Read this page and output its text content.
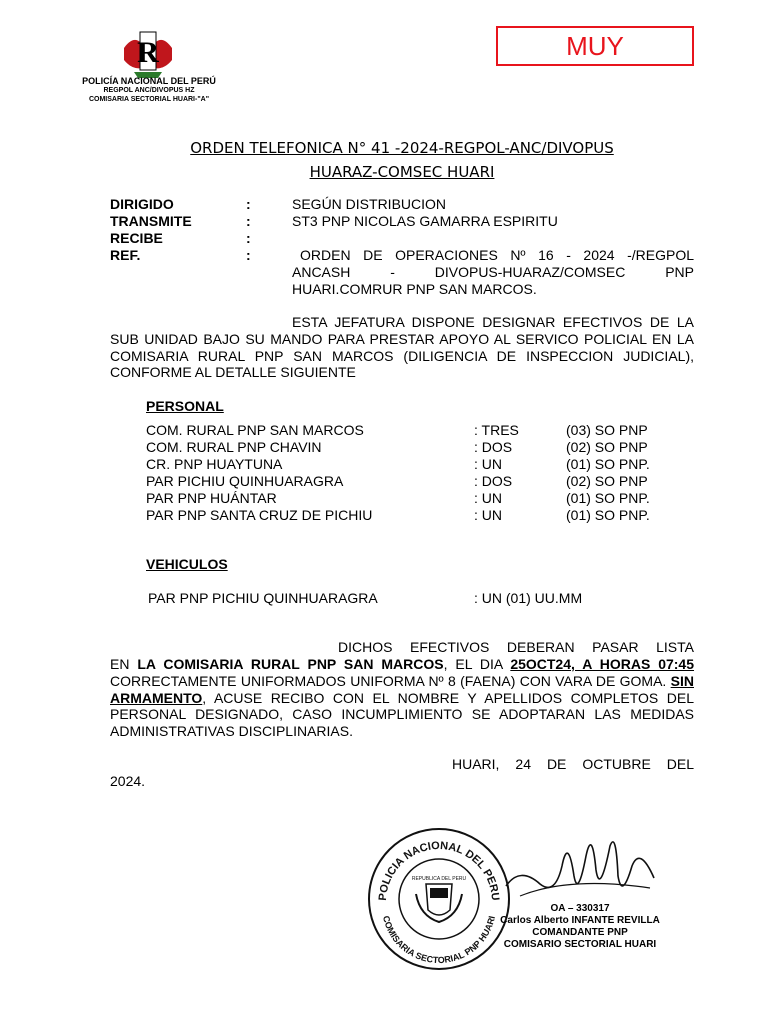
R
POLICÍA NACIONAL DEL PERÚ
REGPOL ANC/DIVOPUS HZ
COMISARIA SECTORIAL HUARI-"A"
MUY
ORDEN TELEFONICA N° 41 -2024-REGPOL-ANC/DIVOPUS
HUARAZ-COMSEC HUARI
DIRIGIDO	:	SEGÚN DISTRIBUCION
TRANSMITE	:	ST3 PNP NICOLAS GAMARRA ESPIRITU
RECIBE	:
REF.	:	ORDEN DE OPERACIONES Nº 16 - 2024 -/REGPOL
ANCASH - DIVOPUS-HUARAZ/COMSEC PNP
HUARI.COMRUR PNP SAN MARCOS.
ESTA JEFATURA DISPONE DESIGNAR EFECTIVOS DE LA SUB UNIDAD BAJO SU MANDO PARA PRESTAR APOYO AL SERVICO POLICIAL EN LA COMISARIA RURAL PNP SAN MARCOS (DILIGENCIA DE INSPECCION JUDICIAL), CONFORME AL DETALLE SIGUIENTE
PERSONAL
COM. RURAL PNP SAN MARCOS	: TRES	(03) SO PNP
COM. RURAL PNP CHAVIN	: DOS	(02) SO PNP
CR. PNP HUAYTUNA	: UN	(01) SO PNP.
PAR PICHIU QUINHUARAGRA	: DOS	(02) SO PNP
PAR PNP HUÁNTAR	: UN	(01) SO PNP.
PAR PNP SANTA CRUZ DE PICHIU	: UN	(01) SO PNP.
VEHICULOS
PAR PNP PICHIU QUINHUARAGRA	: UN (01) UU.MM
DICHOS EFECTIVOS DEBERAN PASAR LISTA
EN LA COMISARIA RURAL PNP SAN MARCOS, EL DIA 25OCT24, A HORAS 07:45 CORRECTAMENTE UNIFORMADOS UNIFORMA Nº 8 (FAENA) CON VARA DE GOMA. SIN ARMAMENTO, ACUSE RECIBO CON EL NOMBRE Y APELLIDOS COMPLETOS DEL PERSONAL DESIGNADO, CASO INCUMPLIMIENTO SE ADOPTARAN LAS MEDIDAS ADMINISTRATIVAS DISCIPLINARIAS.
HUARI, 24 DE OCTUBRE DEL
2024.
POLICIA NACIONAL DEL PERU
COMISARIA SECTORIAL PNP HUARI
REPUBLICA DEL PERU
OA – 330317
Carlos Alberto INFANTE REVILLA
COMANDANTE PNP
COMISARIO SECTORIAL HUARI
